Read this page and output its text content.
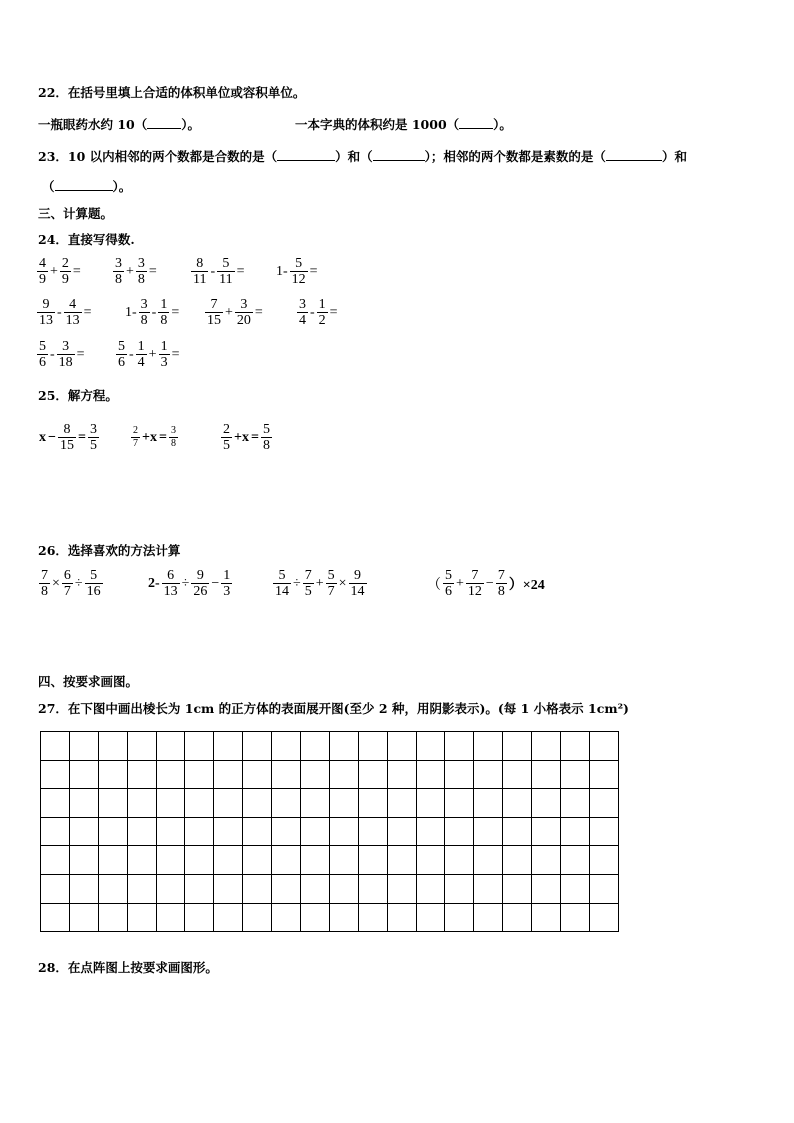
22．在括号里填上合适的体积单位或容积单位。
一瓶眼药水约 10（	）。	一本字典的体积约是 1000（	）。
23．10 以内相邻的两个数都是合数的是（	）和（	）；相邻的两个数都是素数的是（	）和
（	）。
三、计算题。
24．直接写得数.
$\frac{4}{9} + \frac{2}{9} = \frac{3}{8} + \frac{3}{8} = \frac{8}{11} - \frac{5}{11} = 1- \frac{5}{12}$ =
$\frac{9}{13} - \frac{4}{13} = 1- \frac{3}{8} - \frac{1}{8} = \frac{7}{15} + \frac{3}{20} = \frac{3}{4} - \frac{1}{2}$ =
$\frac{5}{6} - \frac{3}{18} = \frac{5}{6} - \frac{1}{4} + \frac{1}{3}$ =
25．解方程。
$x - \frac{8}{15} = \frac{3}{5}$	$\frac{2}{7} +x = \frac{3}{8}$	$\frac{2}{5} +x = \frac{5}{8}$
26．选择喜欢的方法计算
$\frac{7}{8} \times \frac{6}{7} \div \frac{5}{16}$	$2- \frac{6}{13} \div \frac{9}{26} - \frac{1}{3}$	$\frac{5}{14} \div \frac{7}{5} + \frac{5}{7} \times \frac{9}{14}$	（ $\frac{5}{6} + \frac{7}{12} - \frac{7}{8} )\times 24$
四、按要求画图。
27．在下图中画出棱长为 1cm 的正方体的表面展开图(至少 2 种，用阴影表示)。(每 1 小格表示 1cm²)

28．在点阵图上按要求画图形。
